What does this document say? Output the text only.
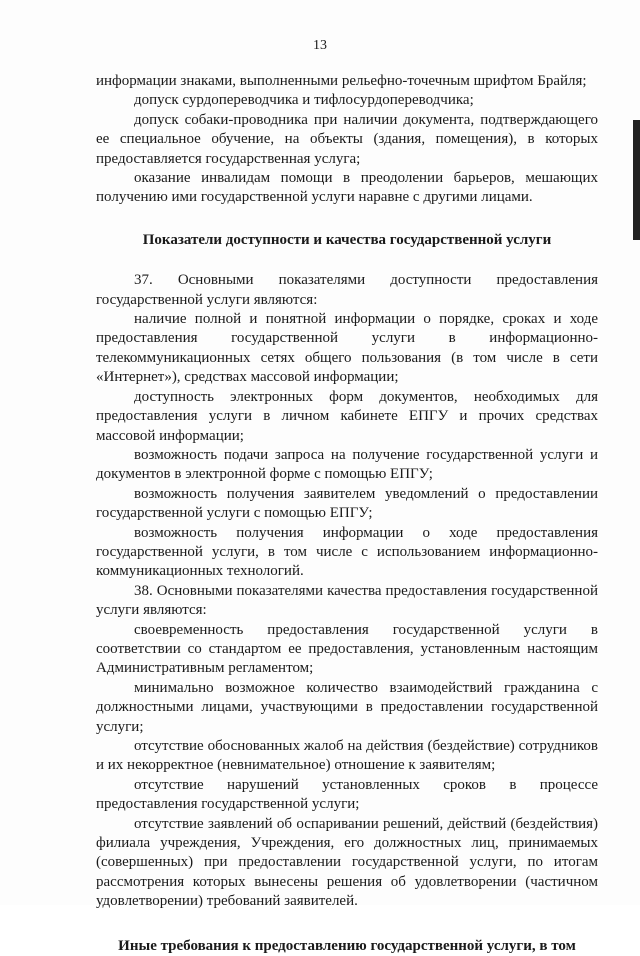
13

информации знаками, выполненными рельефно-точечным шрифтом Брайля;

допуск сурдопереводчика и тифлосурдопереводчика;

допуск собаки-проводника при наличии документа, подтверждающего ее специальное обучение, на объекты (здания, помещения), в которых предоставляется государственная услуга;

оказание инвалидам помощи в преодолении барьеров, мешающих получению ими государственной услуги наравне с другими лицами.

Показатели доступности и качества государственной услуги

37. Основными показателями доступности предоставления государственной услуги являются:

наличие полной и понятной информации о порядке, сроках и ходе предоставления государственной услуги в информационно-телекоммуникационных сетях общего пользования (в том числе в сети «Интернет»), средствах массовой информации;

доступность электронных форм документов, необходимых для предоставления услуги в личном кабинете ЕПГУ и прочих средствах массовой информации;

возможность подачи запроса на получение государственной услуги и документов в электронной форме с помощью ЕПГУ;

возможность получения заявителем уведомлений о предоставлении государственной услуги с помощью ЕПГУ;

возможность получения информации о ходе предоставления государственной услуги, в том числе с использованием информационно-коммуникационных технологий.

38. Основными показателями качества предоставления государственной услуги являются:

своевременность предоставления государственной услуги в соответствии со стандартом ее предоставления, установленным настоящим Административным регламентом;

минимально возможное количество взаимодействий гражданина с должностными лицами, участвующими в предоставлении государственной услуги;

отсутствие обоснованных жалоб на действия (бездействие) сотрудников и их некорректное (невнимательное) отношение к заявителям;

отсутствие нарушений установленных сроков в процессе предоставления государственной услуги;

отсутствие заявлений об оспаривании решений, действий (бездействия) филиала учреждения, Учреждения, его должностных лиц, принимаемых (совершенных) при предоставлении государственной услуги, по итогам рассмотрения которых вынесены решения об удовлетворении (частичном удовлетворении) требований заявителей.

Иные требования к предоставлению государственной услуги, в том
